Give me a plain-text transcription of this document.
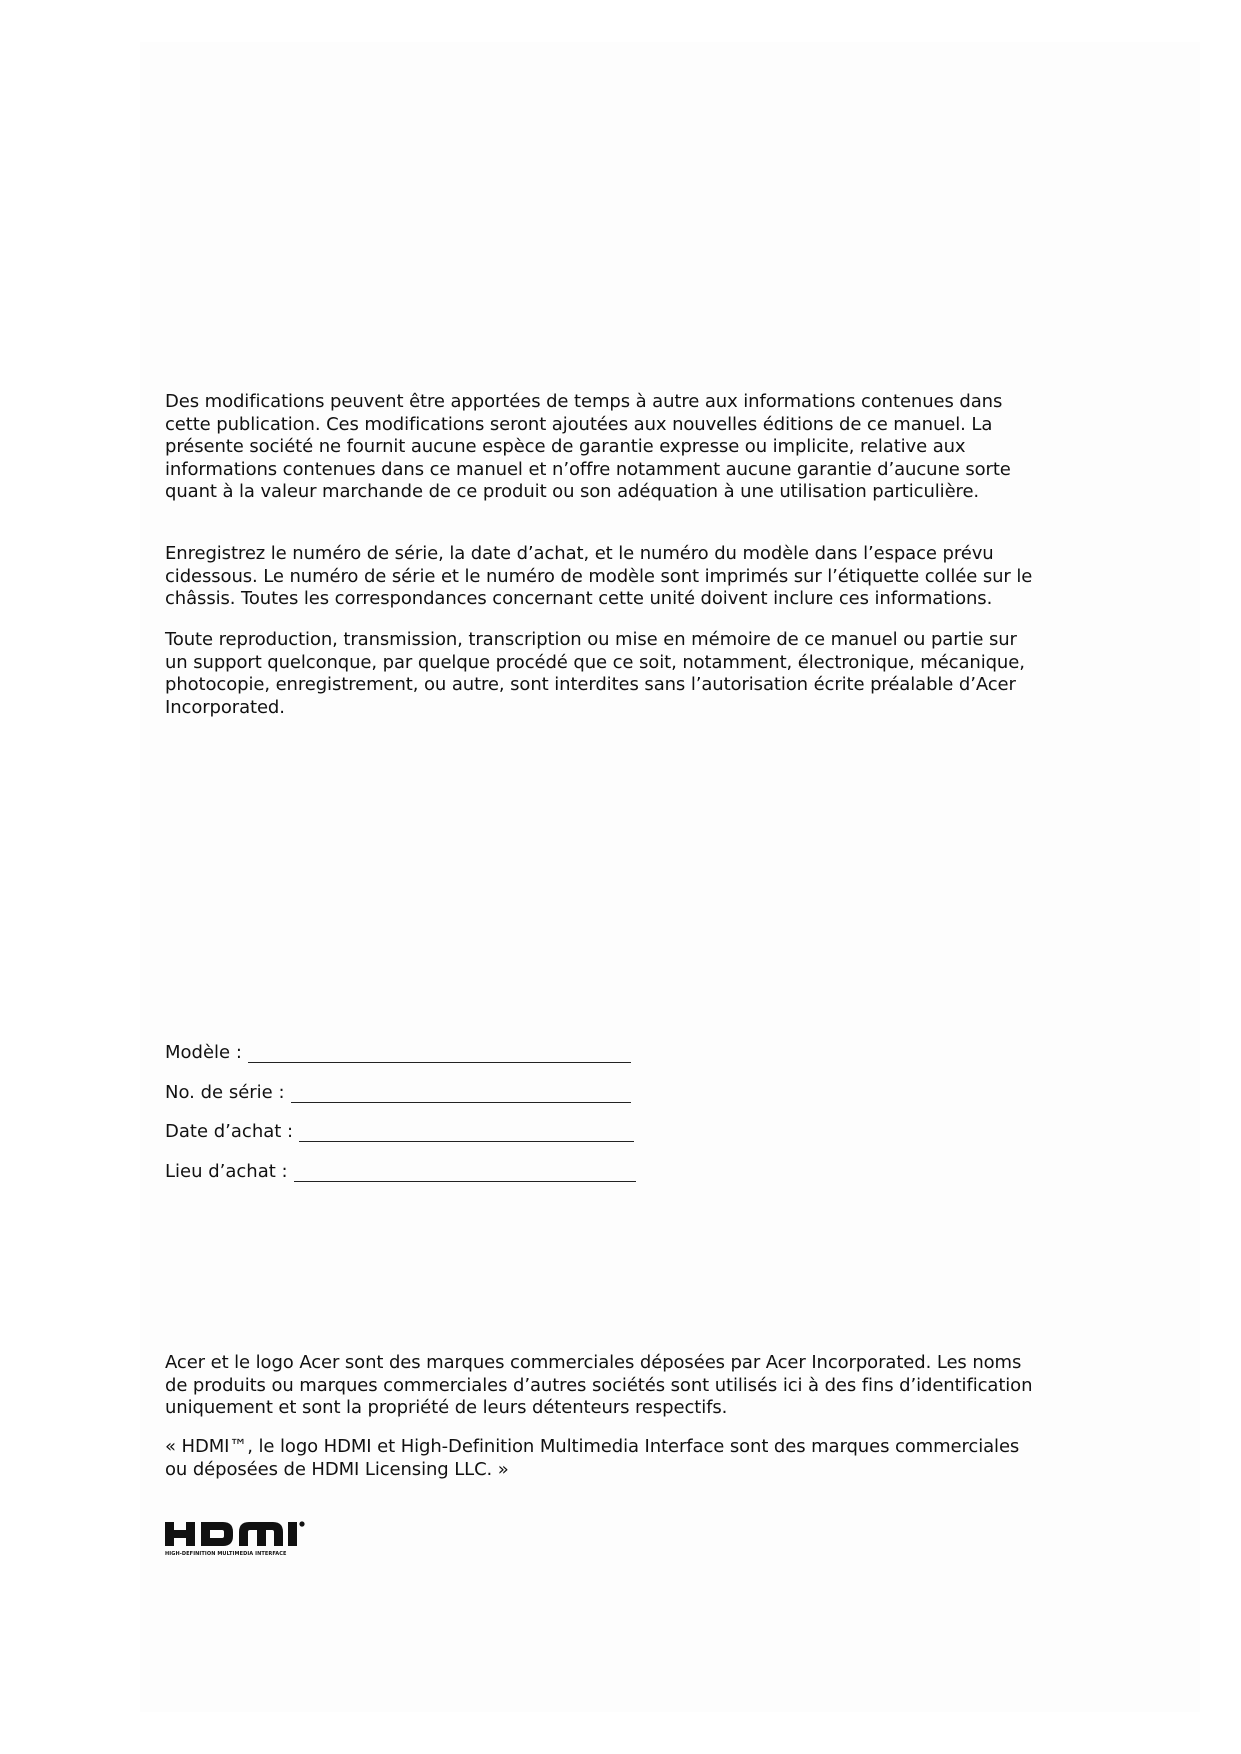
Des modifications peuvent être apportées de temps à autre aux informations contenues dans cette publication. Ces modifications seront ajoutées aux nouvelles éditions de ce manuel. La présente société ne fournit aucune espèce de garantie expresse ou implicite, relative aux informations contenues dans ce manuel et n’offre notamment aucune garantie d’aucune sorte quant à la valeur marchande de ce produit ou son adéquation à une utilisation particulière.

Enregistrez le numéro de série, la date d’achat, et le numéro du modèle dans l’espace prévu cidessous. Le numéro de série et le numéro de modèle sont imprimés sur l’étiquette collée sur le châssis. Toutes les correspondances concernant cette unité doivent inclure ces informations.

Toute reproduction, transmission, transcription ou mise en mémoire de ce manuel ou partie sur un support quelconque, par quelque procédé que ce soit, notamment, électronique, mécanique, photocopie, enregistrement, ou autre, sont interdites sans l’autorisation écrite préalable d’Acer Incorporated.

Modèle :
No. de série :
Date d’achat :
Lieu d’achat :

Acer et le logo Acer sont des marques commerciales déposées par Acer Incorporated. Les noms de produits ou marques commerciales d’autres sociétés sont utilisés ici à des fins d’identification uniquement et sont la propriété de leurs détenteurs respectifs.

« HDMI™, le logo HDMI et High-Definition Multimedia Interface sont des marques commerciales ou déposées de HDMI Licensing LLC. »

HIGH-DEFINITION MULTIMEDIA INTERFACE
